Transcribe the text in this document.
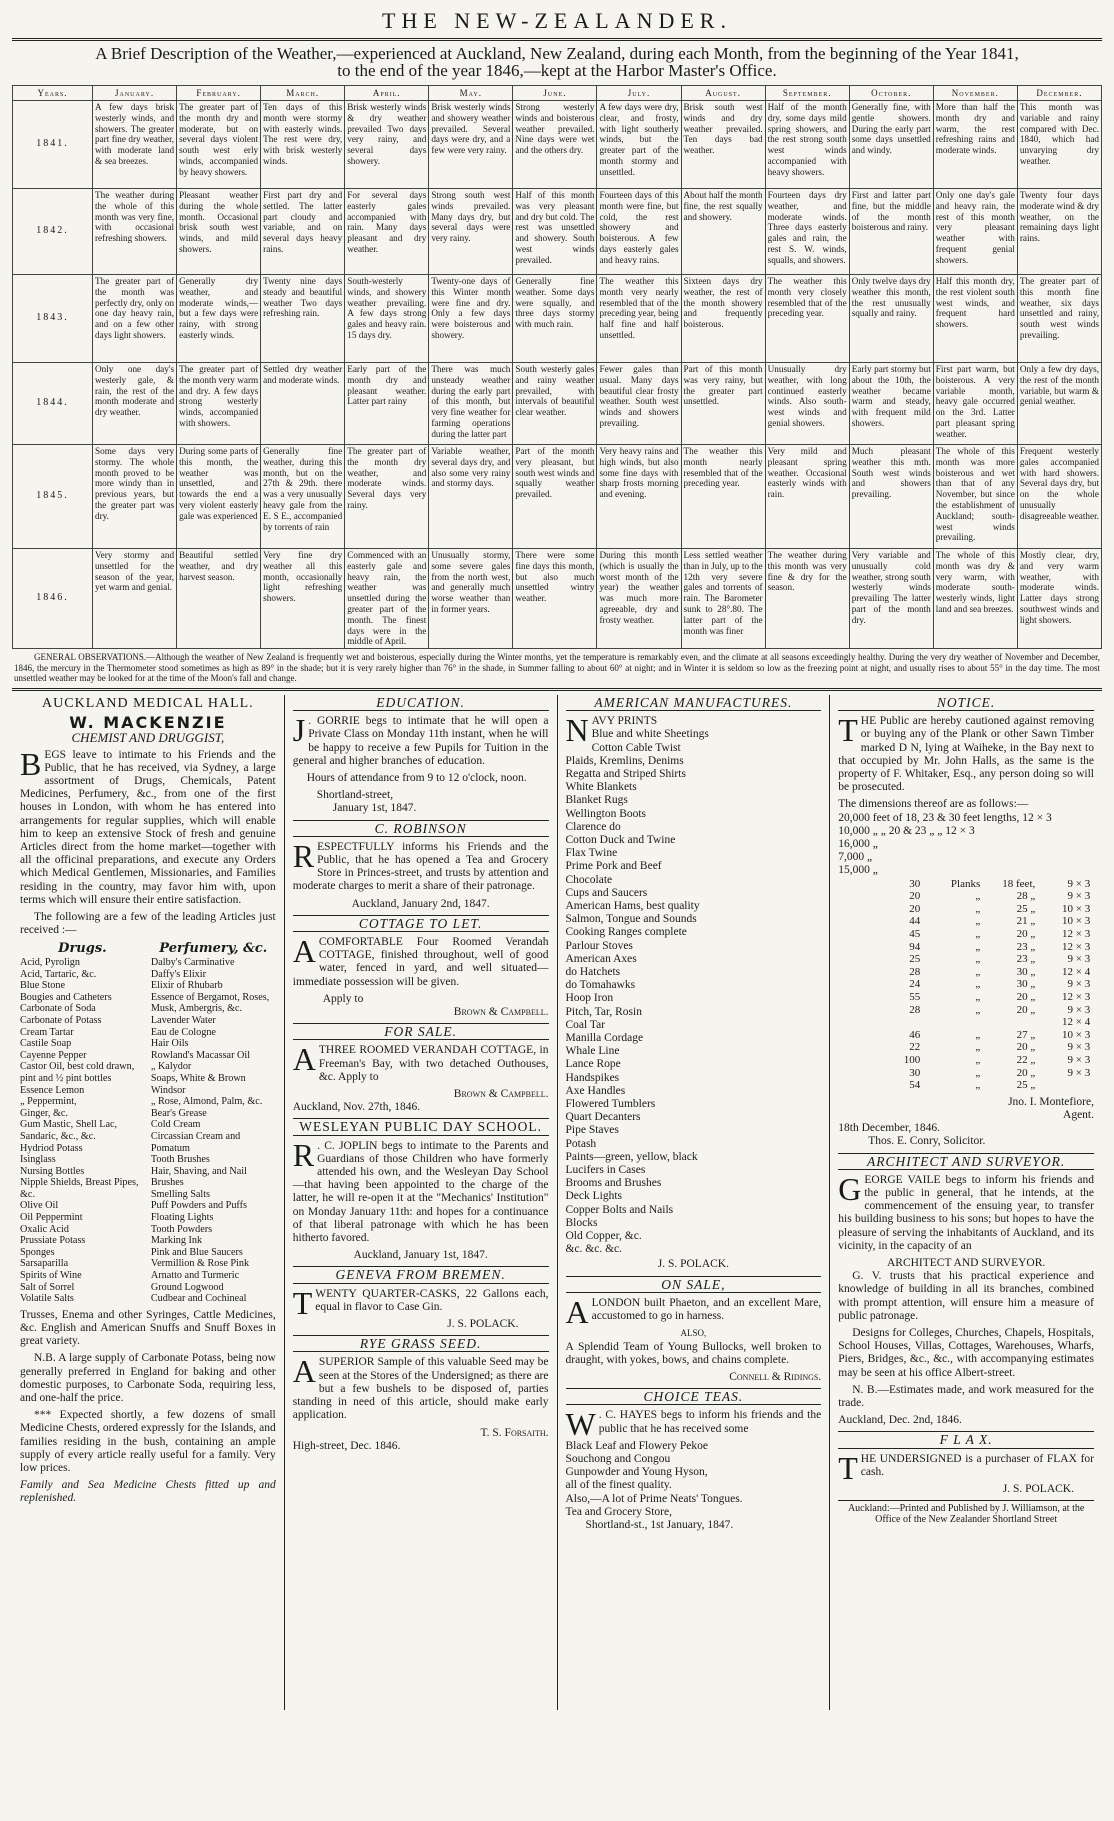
THE NEW-ZEALANDER.
A Brief Description of the Weather,—experienced at Auckland, New Zealand, during each Month, from the beginning of the Year 1841,
to the end of the year 1846,—kept at the Harbor Master's Office.
Years.	January.	February.	March.	April.	May.	June.	July.	August.	September.	October.	November.	December.
1841.	A few days brisk westerly winds, and showers. The greater part fine dry weather, with moderate land & sea breezes.	The greater part of the month dry and moderate, but on several days violent south west erly winds, accompanied by heavy showers.	Ten days of this month were stormy with easterly winds. The rest were dry, with brisk westerly winds.	Brisk westerly winds & dry weather prevailed Two days very rainy, and several days showery.	Brisk westerly winds and showery weather prevailed. Several days were dry, and a few were very rainy.	Strong westerly winds and boisterous weather prevailed. Nine days were wet and the others dry.	A few days were dry, clear, and frosty, with light southerly winds, but the greater part of the month stormy and unsettled.	Brisk south west winds and dry weather prevailed. Ten days bad weather.	Half of the month dry, some days mild spring showers, and the rest strong south west winds accompanied with heavy showers.	Generally fine, with gentle showers. During the early part some days unsettled and windy.	More than half the month dry and warm, the rest refreshing rains and moderate winds.	This month was variable and rainy compared with Dec. 1840, which had unvarying dry weather.
1842.	The weather during the whole of this month was very fine, with occasional refreshing showers.	Pleasant weather during the whole month. Occasional brisk south west winds, and mild showers.	First part dry and settled. The latter part cloudy and variable, and on several days heavy rains.	For several days easterly gales accompanied with rain. Many days pleasant and dry weather.	Strong south west winds prevailed. Many days dry, but several days were very rainy.	Half of this month was very pleasant and dry but cold. The rest was unsettled and showery. South west winds prevailed.	Fourteen days of this month were fine, but cold, the rest showery and boisterous. A few days easterly gales and heavy rains.	About half the month fine, the rest squally and showery.	Fourteen days dry weather, and moderate winds. Three days easterly gales and rain, the rest S. W. winds, squalls, and showers.	First and latter part fine, but the middle of the month boisterous and rainy.	Only one day's gale and heavy rain, the rest of this month very pleasant weather with frequent genial showers.	Twenty four days moderate wind & dry weather, on the remaining days light rains.
1843.	The greater part of the month was perfectly dry, only on one day heavy rain, and on a few other days light showers.	Generally dry weather, and moderate winds,—but a few days were rainy, with strong easterly winds.	Twenty nine days steady and beautiful weather Two days refreshing rain.	South-westerly winds, and showery weather prevailing. A few days strong gales and heavy rain. 15 days dry.	Twenty-one days of this Winter month were fine and dry. Only a few days were boisterous and showery.	Generally fine weather. Some days were squally, and three days stormy with much rain.	The weather this month very nearly resembled that of the preceding year, being half fine and half unsettled.	Sixteen days dry weather, the rest of the month showery and frequently boisterous.	The weather this month very closely resembled that of the preceding year.	Only twelve days dry weather this month, the rest unusually squally and rainy.	Half this month dry, the rest violent south west winds, and frequent hard showers.	The greater part of this month fine weather, six days unsettled and rainy, south west winds prevailing.
1844.	Only one day's westerly gale, & rain, the rest of the month moderate and dry weather.	The greater part of the month very warm and dry. A few days strong westerly winds, accompanied with showers.	Settled dry weather and moderate winds.	Early part of the month dry and pleasant weather. Latter part rainy	There was much unsteady weather during the early part of this month, but very fine weather for farming operations during the latter part	South westerly gales and rainy weather prevailed, with intervals of beautiful clear weather.	Fewer gales than usual. Many days beautiful clear frosty weather. South west winds and showers prevailing.	Part of this month was very rainy, but the greater part unsettled.	Unusually dry weather, with long continued easterly winds. Also south-west winds and genial showers.	Early part stormy but about the 10th, the weather became warm and steady, with frequent mild showers.	First part warm, but boisterous. A very variable month, heavy gale occurred on the 3rd. Latter part pleasant spring weather.	Only a few dry days, the rest of the month variable, but warm & genial weather.
1845.	Some days very stormy. The whole month proved to be more windy than in previous years, but the greater part was dry.	During some parts of this month, the weather was unsettled, and towards the end a very violent easterly gale was experienced	Generally fine weather, during this month, but on the 27th & 29th. there was a very unusually heavy gale from the E. S E., accompanied by torrents of rain	The greater part of the month dry weather, and moderate winds. Several days very rainy.	Variable weather, several days dry, and also some very rainy and stormy days.	Part of the month very pleasant, but south west winds and squally weather prevailed.	Very heavy rains and high winds, but also some fine days with sharp frosts morning and evening.	The weather this month nearly resembled that of the preceding year.	Very mild and pleasant spring weather. Occasional easterly winds with rain.	Much pleasant weather this mth. South west winds and showers prevailing.	The whole of this month was more boisterous and wet than that of any November, but since the establishment of Auckland; south-west winds prevailing.	Frequent westerly gales accompanied with hard showers. Several days dry, but on the whole unusually disagreeable weather.
1846.	Very stormy and unsettled for the season of the year, yet warm and genial.	Beautiful settled weather, and dry harvest season.	Very fine dry weather all this month, occasionally light refreshing showers.	Commenced with an easterly gale and heavy rain, the weather was unsettled during the greater part of the month. The finest days were in the middle of April.	Unusually stormy, some severe gales from the north west, and generally much worse weather than in former years.	There were some fine days this month, but also much unsettled wintry weather.	During this month (which is usually the worst month of the year) the weather was much more agreeable, dry and frosty weather.	Less settled weather than in July, up to the 12th very severe gales and torrents of rain. The Barometer sunk to 28°.80. The latter part of the month was finer	The weather during this month was very fine & dry for the season.	Very variable and unusually cold weather, strong south westerly winds prevailing The latter part of the month dry.	The whole of this month was dry & very warm, with moderate south-westerly winds, light land and sea breezes.	Mostly clear, dry, and very warm weather, with moderate winds. Latter days strong southwest winds and light showers.
GENERAL OBSERVATIONS.—Although the weather of New Zealand is frequently wet and boisterous, especially during the Winter months, yet the temperature is remarkably even, and the climate at all seasons exceedingly healthy. During the very dry weather of November and December, 1846, the mercury in the Thermometer stood sometimes as high as 89° in the shade; but it is very rarely higher than 76° in the shade, in Summer falling to about 60° at night; and in Winter it is seldom so low as the freezing point at night, and usually rises to about 55° in the day time. The most unsettled weather may be looked for at the time of the Moon's fall and change.
AUCKLAND MEDICAL HALL.
W. MACKENZIE
CHEMIST AND DRUGGIST,

BEGS leave to intimate to his Friends and the Public, that he has received, via Sydney, a large assortment of Drugs, Chemicals, Patent Medicines, Perfumery, &c., from one of the first houses in London, with whom he has entered into arrangements for regular supplies, which will enable him to keep an extensive Stock of fresh and genuine Articles direct from the home market—together with all the officinal preparations, and execute any Orders which Medical Gentlemen, Missionaries, and Families residing in the country, may favor him with, upon terms which will ensure their entire satisfaction.

The following are a few of the leading Articles just received :—

Drugs.
Acid, Pyrolign
Acid, Tartaric, &c.
Blue Stone
Bougies and Catheters
Carbonate of Soda
Carbonate of Potass
Cream Tartar
Castile Soap
Cayenne Pepper
Castor Oil, best cold drawn, pint and ½ pint bottles
Essence Lemon
„ Peppermint,
Ginger, &c.
Gum Mastic, Shell Lac, Sandaric, &c., &c.
Hydriod Potass
Isinglass
Nursing Bottles
Nipple Shields, Breast Pipes, &c.
Olive Oil
Oil Peppermint
Oxalic Acid
Prussiate Potass
Sponges
Sarsaparilla
Spirits of Wine
Salt of Sorrel
Volatile Salts
Perfumery, &c.
Dalby's Carminative
Daffy's Elixir
Elixir of Rhubarb
Essence of Bergamot, Roses, Musk, Ambergris, &c.
Lavender Water
Eau de Cologne
Hair Oils
Rowland's Macassar Oil
„ Kalydor
Soaps, White & Brown Windsor
„ Rose, Almond, Palm, &c.
Bear's Grease
Cold Cream
Circassian Cream and Pomatum
Tooth Brushes
Hair, Shaving, and Nail Brushes
Smelling Salts
Puff Powders and Puffs
Floating Lights
Tooth Powders
Marking Ink
Pink and Blue Saucers
Vermillion & Rose Pink
Arnatto and Turmeric
Ground Logwood
Cudbear and Cochineal

Trusses, Enema and other Syringes, Cattle Medicines, &c. English and American Snuffs and Snuff Boxes in great variety.

N.B. A large supply of Carbonate Potass, being now generally preferred in England for baking and other domestic purposes, to Carbonate Soda, requiring less, and one-half the price.

*** Expected shortly, a few dozens of small Medicine Chests, ordered expressly for the Islands, and families residing in the bush, containing an ample supply of every article really useful for a family. Very low prices.

Family and Sea Medicine Chests fitted up and replenished.

EDUCATION.

J . GORRIE begs to intimate that he will open a Private Class on Monday 11th instant, when he will be happy to receive a few Pupils for Tuition in the general and higher branches of education.

Hours of attendance from 9 to 12 o'clock, noon.

Shortland-street,
January 1st, 1847.
C. ROBINSON

RESPECTFULLY informs his Friends and the Public, that he has opened a Tea and Grocery Store in Princes-street, and trusts by attention and moderate charges to merit a share of their patronage.

Auckland, January 2nd, 1847.
COTTAGE TO LET.

A COMFORTABLE Four Roomed Verandah COTTAGE, finished throughout, well of good water, fenced in yard, and well situated—immediate possession will be given.

Apply to
Brown & Campbell.
FOR SALE.

A THREE ROOMED VERANDAH COTTAGE, in Freeman's Bay, with two detached Outhouses, &c. Apply to

Brown & Campbell.
Auckland, Nov. 27th, 1846.
WESLEYAN PUBLIC DAY SCHOOL.

R . C. JOPLIN begs to intimate to the Parents and Guardians of those Children who have formerly attended his own, and the Wesleyan Day School—that having been appointed to the charge of the latter, he will re-open it at the "Mechanics' Institution" on Monday January 11th: and hopes for a continuance of that liberal patronage with which he has been hitherto favored.

Auckland, January 1st, 1847.
GENEVA FROM BREMEN.

TWENTY QUARTER-CASKS, 22 Gallons each, equal in flavor to Case Gin.

J. S. POLACK.
RYE GRASS SEED.

A SUPERIOR Sample of this valuable Seed may be seen at the Stores of the Undersigned; as there are but a few bushels to be disposed of, parties standing in need of this article, should make early application.

T. S. Forsaith.
High-street, Dec. 1846.
AMERICAN MANUFACTURES.
NAVY PRINTS
Blue and white Sheetings
Cotton Cable Twist
Plaids, Kremlins, Denims
Regatta and Striped Shirts
White Blankets
Blanket Rugs
Wellington Boots
Clarence do
Cotton Duck and Twine
Flax Twine
Prime Pork and Beef
Chocolate
Cups and Saucers
American Hams, best quality
Salmon, Tongue and Sounds
Cooking Ranges complete
Parlour Stoves
American Axes
do Hatchets
do Tomahawks
Hoop Iron
Pitch, Tar, Rosin
Coal Tar
Manilla Cordage
Whale Line
Lance Rope
Handspikes
Axe Handles
Flowered Tumblers
Quart Decanters
Pipe Staves
Potash
Paints—green, yellow, black
Lucifers in Cases
Brooms and Brushes
Deck Lights
Copper Bolts and Nails
Blocks
Old Copper, &c.
&c. &c. &c.
J. S. POLACK.
ON SALE,

A LONDON built Phaeton, and an excellent Mare, accustomed to go in harness.

ALSO,

A Splendid Team of Young Bullocks, well broken to draught, with yokes, bows, and chains complete.

Connell & Ridings.
CHOICE TEAS.

W . C. HAYES begs to inform his friends and the public that he has received some

Black Leaf and Flowery Pekoe
Souchong and Congou
Gunpowder and Young Hyson,
all of the finest quality.
Also,—A lot of Prime Neats' Tongues.
Tea and Grocery Store,
Shortland-st., 1st January, 1847.
NOTICE.

THE Public are hereby cautioned against removing or buying any of the Plank or other Sawn Timber marked D N, lying at Waiheke, in the Bay next to that occupied by Mr. John Halls, as the same is the property of F. Whitaker, Esq., any person doing so will be prosecuted.

The dimensions thereof are as follows:—
20,000 feet of 18, 23 & 30 feet lengths, 12 × 3
10,000 „ „ 20 & 23 „ „ 12 × 3
16,000 „
7,000 „
15,000 „
30	Planks	18 feet,	9 × 3
20	„	28 „	9 × 3
20	„	25 „	10 × 3
44	„	21 „	10 × 3
45	„	20 „	12 × 3
94	„	23 „	12 × 3
25	„	23 „	9 × 3
28	„	30 „	12 × 4
24	„	30 „	9 × 3
55	„	20 „	12 × 3
28	„	20 „	9 × 3
12 × 4
46	„	27 „	10 × 3
22	„	20 „	9 × 3
100	„	22 „	9 × 3
30	„	20 „	9 × 3
54	„	25 „
Jno. I. Montefiore,
Agent.
18th December, 1846.
Thos. E. Conry, Solicitor.
ARCHITECT AND SURVEYOR.

GEORGE VAILE begs to inform his friends and the public in general, that he intends, at the commencement of the ensuing year, to transfer his building business to his sons; but hopes to have the pleasure of serving the inhabitants of Auckland, and its vicinity, in the capacity of an

ARCHITECT AND SURVEYOR.

G. V. trusts that his practical experience and knowledge of building in all its branches, combined with prompt attention, will ensure him a measure of public patronage.

Designs for Colleges, Churches, Chapels, Hospitals, School Houses, Villas, Cottages, Warehouses, Wharfs, Piers, Bridges, &c., &c., with accompanying estimates may be seen at his office Albert-street.

N. B.—Estimates made, and work measured for the trade.

Auckland, Dec. 2nd, 1846.
F L A X.

THE UNDERSIGNED is a purchaser of FLAX for cash.

J. S. POLACK.
Auckland:—Printed and Published by J. Williamson, at the Office of the New Zealander Shortland Street
